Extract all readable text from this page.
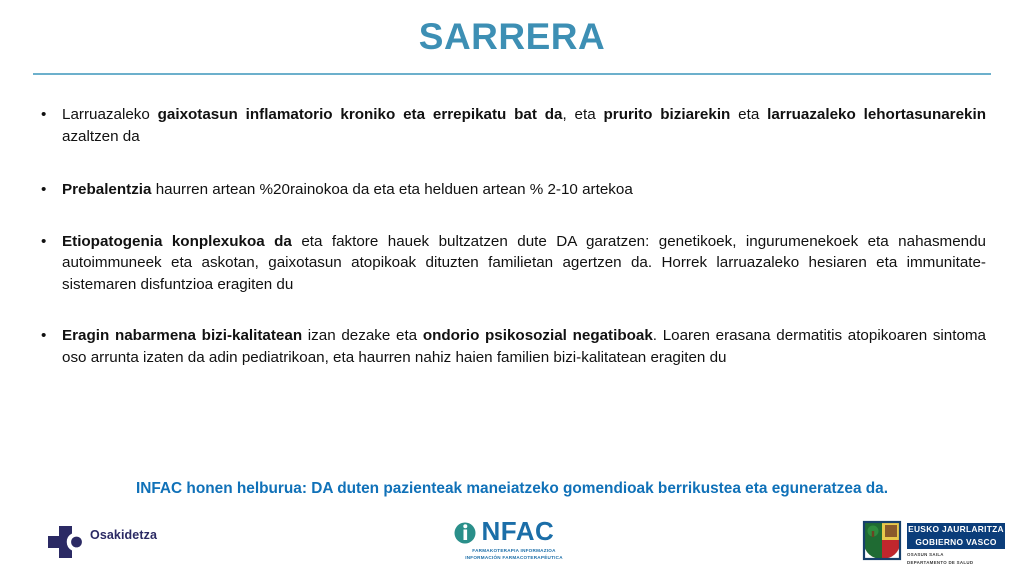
SARRERA
• Larruazaleko gaixotasun inflamatorio kroniko eta errepikatu bat da, eta prurito biziarekin eta larruazaleko lehortasunarekin azaltzen da
• Prebalentzia haurren artean %20rainokoa da eta eta helduen artean % 2-10 artekoa
• Etiopatogenia konplexukoa da eta faktore hauek bultzatzen dute DA garatzen: genetikoek, ingurumenekoek eta nahasmendu autoimmuneek eta askotan, gaixotasun atopikoak dituzten familietan agertzen da. Horrek larruazaleko hesiaren eta immunitate-sistemaren disfuntzioa eragiten du
• Eragin nabarmena bizi-kalitatean izan dezake eta ondorio psikosozial negatiboak. Loaren erasana dermatitis atopikoaren sintoma oso arrunta izaten da adin pediatrikoan, eta haurren nahiz haien familien bizi-kalitatean eragiten du
INFAC honen helburua: DA duten pazienteak maneiatzeko gomendioak berrikustea eta eguneratzea da.
Osakidetza	NFAC
FARMAKOTERAPIA INFORMAZIOA
INFORMACIÓN FARMACOTERAPÉUTICA
EUSKO JAURLARITZA
GOBIERNO VASCO
OSASUN SAILA
DEPARTAMENTO DE SALUD
